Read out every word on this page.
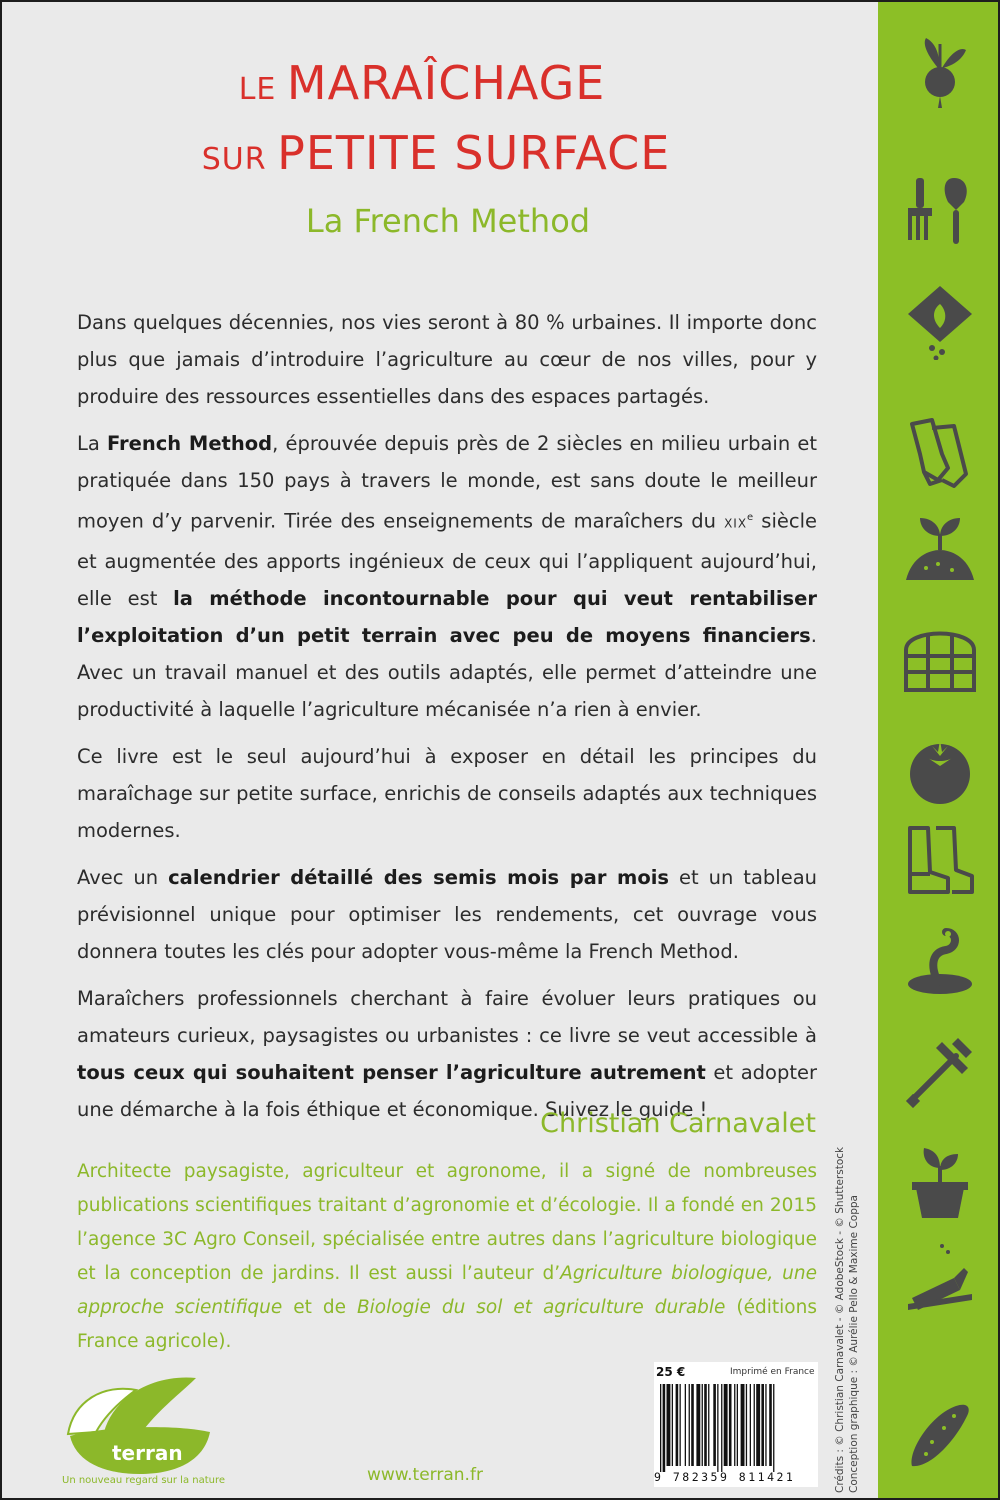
LE MARAÎCHAGE
SUR PETITE SURFACE
La French Method

Dans quelques décennies, nos vies seront à 80 % urbaines. Il importe donc plus que jamais d’introduire l’agriculture au cœur de nos villes, pour y produire des ressources essentielles dans des espaces partagés.

La French Method, éprouvée depuis près de 2 siècles en milieu urbain et pratiquée dans 150 pays à travers le monde, est sans doute le meilleur moyen d’y parvenir. Tirée des enseignements de maraîchers du XIXe siècle et augmentée des apports ingénieux de ceux qui l’appliquent aujourd’hui, elle est la méthode incontournable pour qui veut rentabiliser l’exploitation d’un petit terrain avec peu de moyens financiers. Avec un travail manuel et des outils adaptés, elle permet d’atteindre une productivité à laquelle l’agriculture mécanisée n’a rien à envier.

Ce livre est le seul aujourd’hui à exposer en détail les principes du maraîchage sur petite surface, enrichis de conseils adaptés aux techniques modernes.

Avec un calendrier détaillé des semis mois par mois et un tableau prévisionnel unique pour optimiser les rendements, cet ouvrage vous donnera toutes les clés pour adopter vous-même la French Method.

Maraîchers professionnels cherchant à faire évoluer leurs pratiques ou amateurs curieux, paysagistes ou urbanistes : ce livre se veut accessible à tous ceux qui souhaitent penser l’agriculture autrement et adopter une démarche à la fois éthique et économique. Suivez le guide !

Christian Carnavalet
Architecte paysagiste, agriculteur et agronome, il a signé de nombreuses publications scientifiques traitant d’agronomie et d’écologie. Il a fondé en 2015 l’agence 3C Agro Conseil, spécialisée entre autres dans l’agriculture biologique et la conception de jardins. Il est aussi l’auteur d’Agriculture biologique, une approche scientifique et de Biologie du sol et agriculture durable (éditions France agricole).	Crédits : © Christian Carnavalet - © AdobeStock - © Shutterstock Conception graphique : © Aurélie Pello & Maxime Coppa
terran
Un nouveau regard sur la nature	www.terran.fr
25 €	Imprimé en France
9 782359 811421
